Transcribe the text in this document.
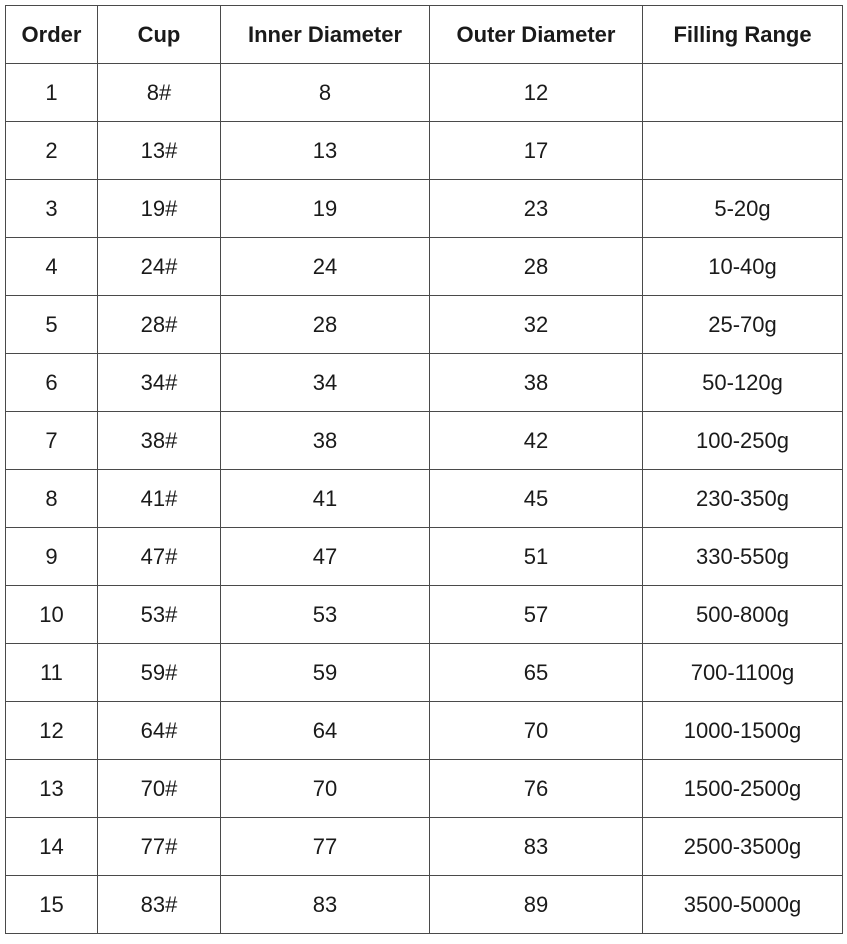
Order	Cup	Inner Diameter	Outer Diameter	Filling Range
1	8#	8	12	
2	13#	13	17	
3	19#	19	23	5-20g
4	24#	24	28	10-40g
5	28#	28	32	25-70g
6	34#	34	38	50-120g
7	38#	38	42	100-250g
8	41#	41	45	230-350g
9	47#	47	51	330-550g
10	53#	53	57	500-800g
11	59#	59	65	700-1100g
12	64#	64	70	1000-1500g
13	70#	70	76	1500-2500g
14	77#	77	83	2500-3500g
15	83#	83	89	3500-5000g
